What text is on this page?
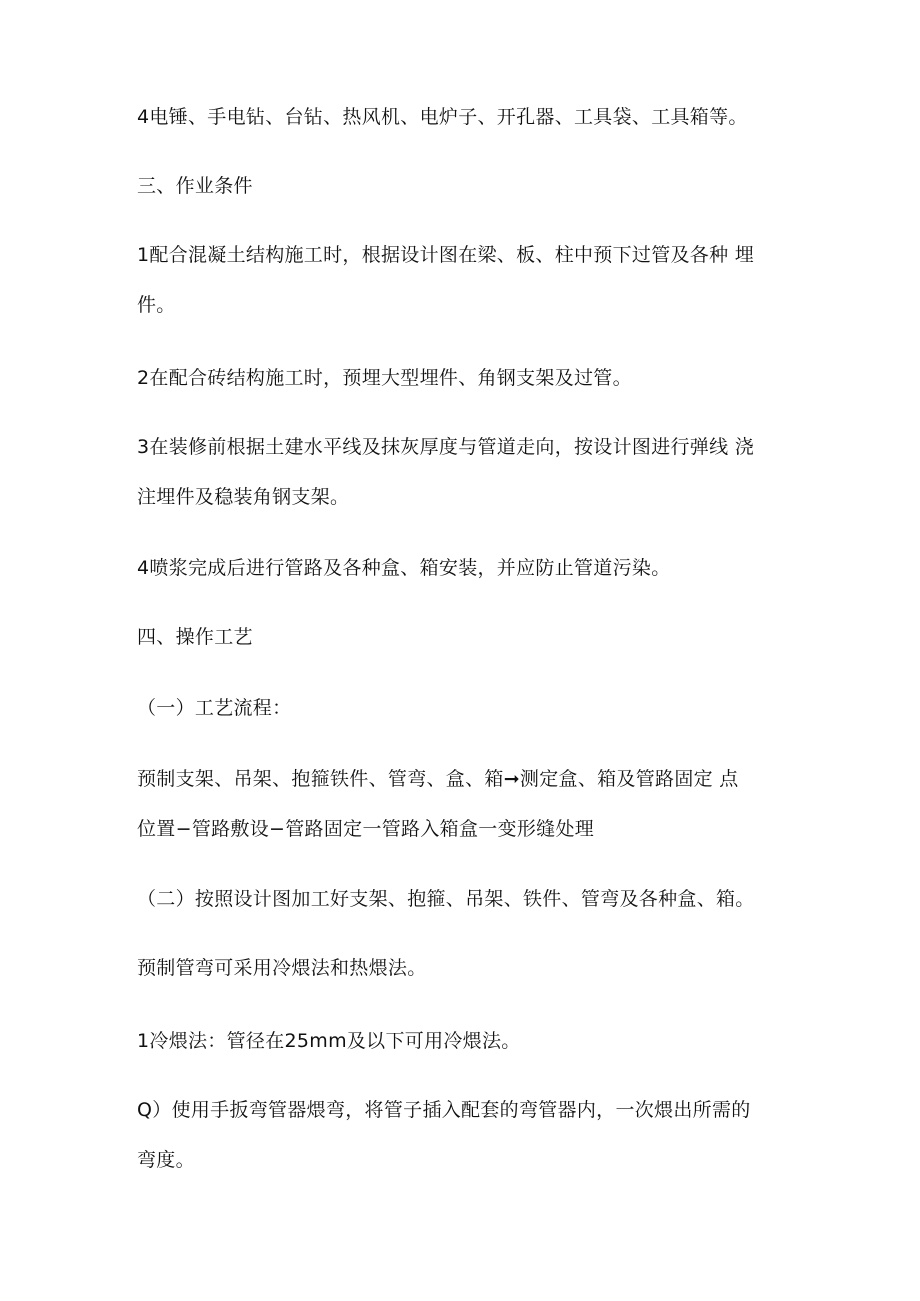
4电锤、手电钻、台钻、热风机、电炉子、开孔器、工具袋、工具箱等。
三、作业条件
1配合混凝土结构施工时，根据设计图在梁、板、柱中预下过管及各种 埋
件。
2在配合砖结构施工时，预埋大型埋件、角钢支架及过管。
3在装修前根据土建水平线及抹灰厚度与管道走向，按设计图进行弹线 浇
注埋件及稳装角钢支架。
4喷浆完成后进行管路及各种盒、箱安装，并应防止管道污染。
四、操作工艺
（一）工艺流程：
预制支架、吊架、抱箍铁件、管弯、盒、箱➞测定盒、箱及管路固定 点
位置−管路敷设−管路固定一管路入箱盒一变形缝处理
（二）按照设计图加工好支架、抱箍、吊架、铁件、管弯及各种盒、箱。
预制管弯可采用冷煨法和热煨法。
1冷煨法：管径在25mm及以下可用冷煨法。
Q）使用手扳弯管器煨弯，将管子插入配套的弯管器内，一次煨出所需的
弯度。
